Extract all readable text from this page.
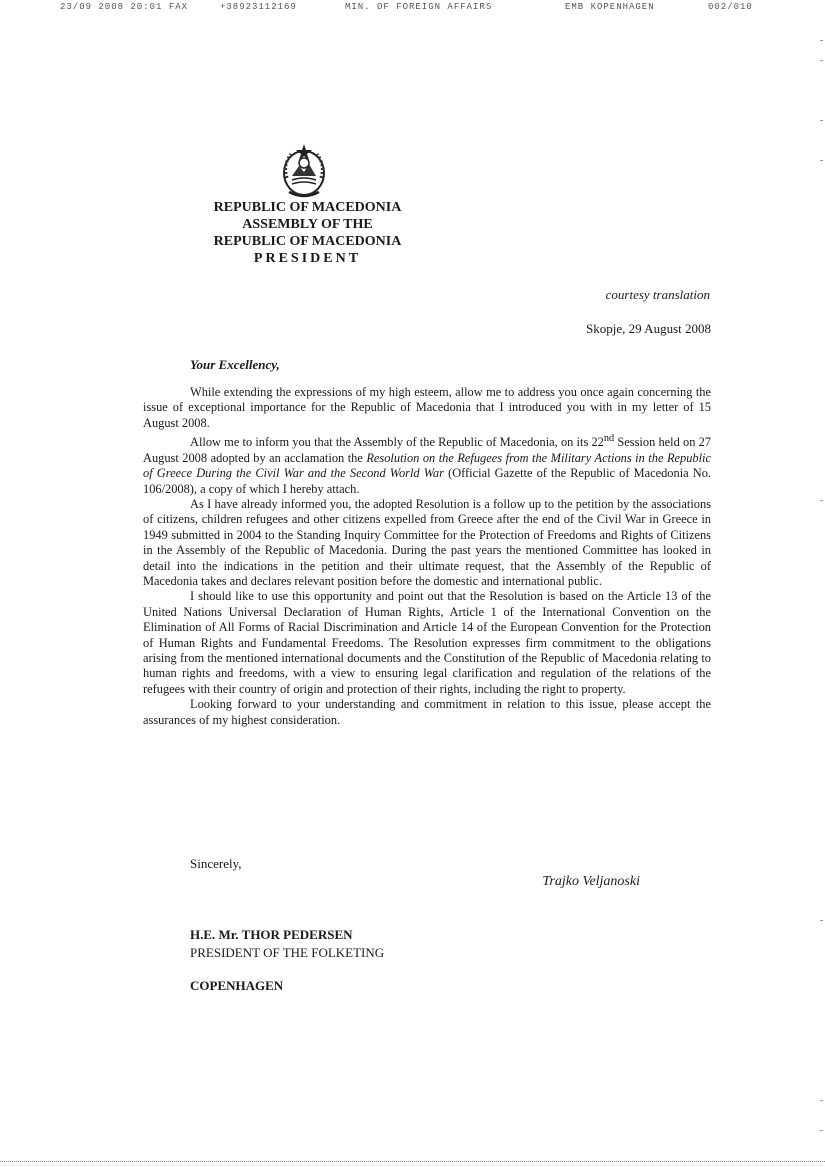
23/09 2008 20:01 FAX	+38923112169	MIN. OF FOREIGN AFFAIRS	EMB KOPENHAGEN	002/010
REPUBLIC OF MACEDONIA
ASSEMBLY OF THE
REPUBLIC OF MACEDONIA
PRESIDENT
courtesy translation
Skopje, 29 August 2008
Your Excellency,

While extending the expressions of my high esteem, allow me to address you once again concerning the issue of exceptional importance for the Republic of Macedonia that I introduced you with in my letter of 15 August 2008.

Allow me to inform you that the Assembly of the Republic of Macedonia, on its 22nd Session held on 27 August 2008 adopted by an acclamation the Resolution on the Refugees from the Military Actions in the Republic of Greece During the Civil War and the Second World War (Official Gazette of the Republic of Macedonia No. 106/2008), a copy of which I hereby attach.

As I have already informed you, the adopted Resolution is a follow up to the petition by the associations of citizens, children refugees and other citizens expelled from Greece after the end of the Civil War in Greece in 1949 submitted in 2004 to the Standing Inquiry Committee for the Protection of Freedoms and Rights of Citizens in the Assembly of the Republic of Macedonia. During the past years the mentioned Committee has looked in detail into the indications in the petition and their ultimate request, that the Assembly of the Republic of Macedonia takes and declares relevant position before the domestic and international public.

I should like to use this opportunity and point out that the Resolution is based on the Article 13 of the United Nations Universal Declaration of Human Rights, Article 1 of the International Convention on the Elimination of All Forms of Racial Discrimination and Article 14 of the European Convention for the Protection of Human Rights and Fundamental Freedoms. The Resolution expresses firm commitment to the obligations arising from the mentioned international documents and the Constitution of the Republic of Macedonia relating to human rights and freedoms, with a view to ensuring legal clarification and regulation of the relations of the refugees with their country of origin and protection of their rights, including the right to property.

Looking forward to your understanding and commitment in relation to this issue, please accept the assurances of my highest consideration.

Sincerely,
Trajko Veljanoski
H.E. Mr. THOR PEDERSEN
PRESIDENT OF THE FOLKETING
COPENHAGEN
